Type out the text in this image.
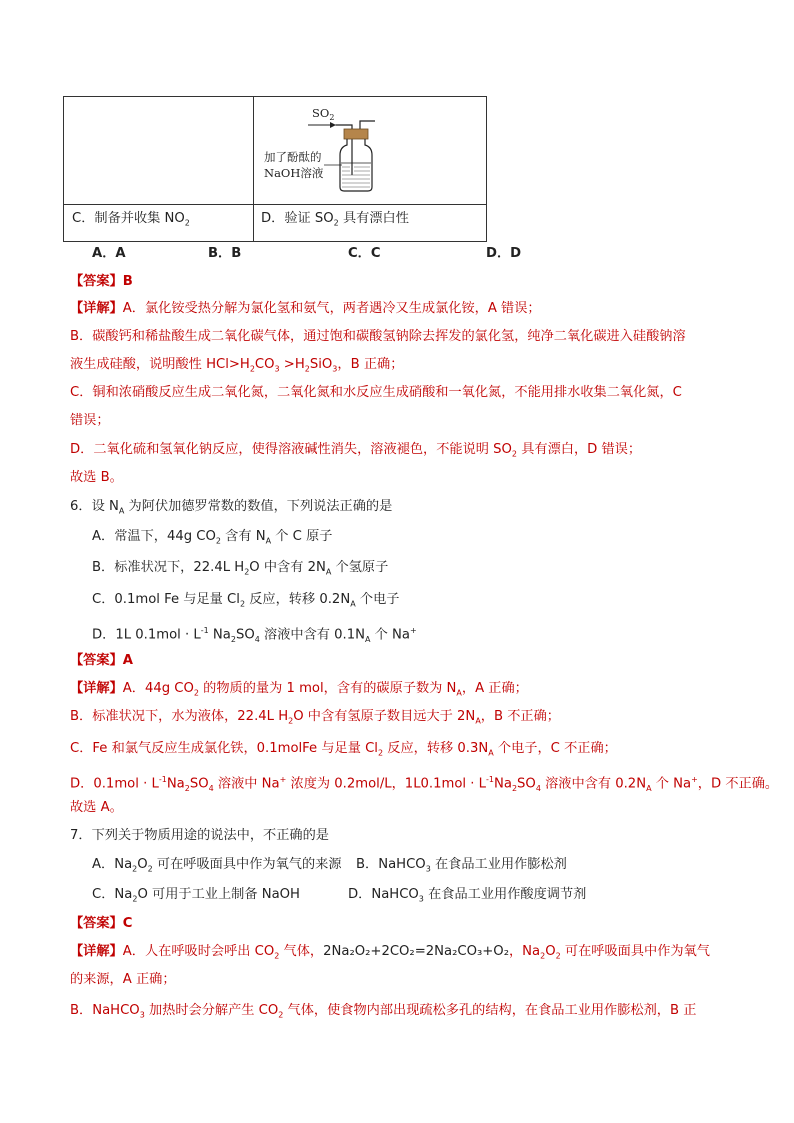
$SO_2$
加了酚酞的
NaOH溶液
C．制备并收集 $NO_2$	D．验证 $SO_2$ 具有漂白性
A．A	B．B	C．C	D．D
【答案】B
【详解】A．氯化铵受热分解为氯化氢和氨气，两者遇冷又生成氯化铵，A 错误；
B．碳酸钙和稀盐酸生成二氧化碳气体，通过饱和碳酸氢钠除去挥发的氯化氢，纯净二氧化碳进入硅酸钠溶
液生成硅酸，说明酸性 $HCl>H_2CO_3 >H_2SiO_3$，B 正确；
C．铜和浓硝酸反应生成二氧化氮，二氧化氮和水反应生成硝酸和一氧化氮，不能用排水收集二氧化氮，C
错误；
D．二氧化硫和氢氧化钠反应，使得溶液碱性消失，溶液褪色，不能说明 $SO_2$ 具有漂白，D 错误；
故选 B。
6．设 $N_A$ 为阿伏加德罗常数的数值，下列说法正确的是
A．常温下，44g $CO_2$ 含有 $N_A$ 个 C 原子
B．标准状况下，22.4L $H_2O$ 中含有 $2N_A$ 个氢原子
C．0.1mol Fe 与足量 $Cl_2$ 反应，转移 $0.2N_A$ 个电子
D．1L $0.1mol \cdot L^{-1}$ $Na_2SO_4$ 溶液中含有 $0.1N_A$ 个 Na+
【答案】A
【详解】A．44g $CO_2$ 的物质的量为 1 mol，含有的碳原子数为 $N_A$，A 正确；
B．标准状况下，水为液体，22.4L $H_2O$ 中含有氢原子数目远大于 $2N_A$，B 不正确；
C．Fe 和氯气反应生成氯化铁，0.1molFe 与足量 $Cl_2$ 反应，转移 $0.3N_A$ 个电子，C 不正确；
D．$0.1mol \cdot L^{-1}Na_2SO_4$ 溶液中 Na+ 浓度为 0.2mol/L，$1L0.1mol \cdot L^{-1}Na_2SO_4$ 溶液中含有 $0.2N_A$ 个 Na+，D 不正确。
故选 A。
7．下列关于物质用途的说法中，不正确的是
A．$Na_2O_2$ 可在呼吸面具中作为氧气的来源 B．NaHCO$_3$ 在食品工业用作膨松剂
C．$Na_2O$ 可用于工业上制备 NaOH	D．NaHCO$_3$ 在食品工业用作酸度调节剂
【答案】C
【详解】A．人在呼吸时会呼出 $CO_2$ 气体，2Na₂O₂+2CO₂=2Na₂CO₃+O₂，$Na_2O_2$ 可在呼吸面具中作为氧气
的来源，A 正确；
B．NaHCO$_3$ 加热时会分解产生 $CO_2$ 气体，使食物内部出现疏松多孔的结构，在食品工业用作膨松剂，B 正
